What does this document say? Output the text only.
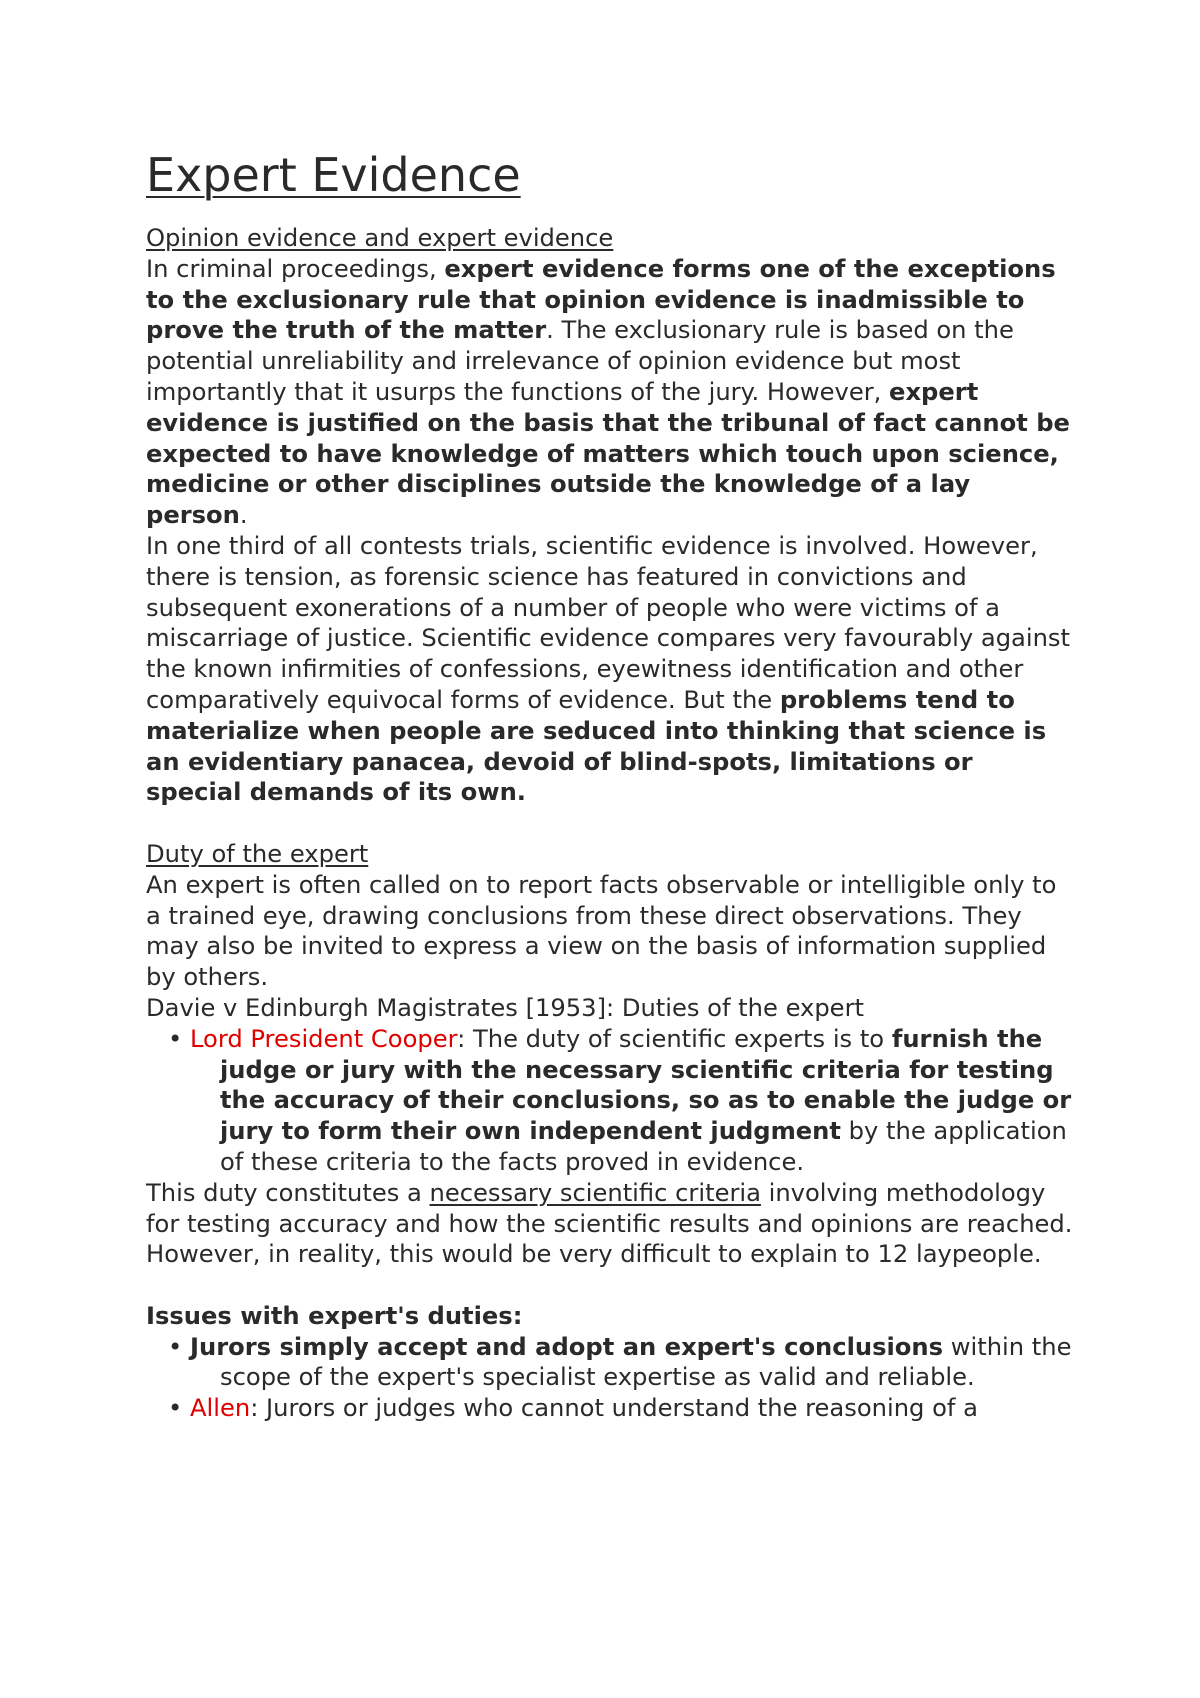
Expert Evidence

Opinion evidence and expert evidence

In criminal proceedings, expert evidence forms one of the exceptions to the exclusionary rule that opinion evidence is inadmissible to prove the truth of the matter. The exclusionary rule is based on the potential unreliability and irrelevance of opinion evidence but most importantly that it usurps the functions of the jury. However, expert evidence is justified on the basis that the tribunal of fact cannot be expected to have knowledge of matters which touch upon science, medicine or other disciplines outside the knowledge of a lay person.

In one third of all contests trials, scientific evidence is involved. However, there is tension, as forensic science has featured in convictions and subsequent exonerations of a number of people who were victims of a miscarriage of justice. Scientific evidence compares very favourably against the known infirmities of confessions, eyewitness identification and other comparatively equivocal forms of evidence. But the problems tend to materialize when people are seduced into thinking that science is an evidentiary panacea, devoid of blind-spots, limitations or special demands of its own.

Duty of the expert

An expert is often called on to report facts observable or intelligible only to a trained eye, drawing conclusions from these direct observations. They may also be invited to express a view on the basis of information supplied by others.

Davie v Edinburgh Magistrates [1953]: Duties of the expert

• Lord President Cooper: The duty of scientific experts is to furnish the judge or jury with the necessary scientific criteria for testing the accuracy of their conclusions, so as to enable the judge or jury to form their own independent judgment by the application of these criteria to the facts proved in evidence.

This duty constitutes a necessary scientific criteria involving methodology for testing accuracy and how the scientific results and opinions are reached. However, in reality, this would be very difficult to explain to 12 laypeople.

Issues with expert's duties:

• Jurors simply accept and adopt an expert's conclusions within the scope of the expert's specialist expertise as valid and reliable.

• Allen: Jurors or judges who cannot understand the reasoning of a
